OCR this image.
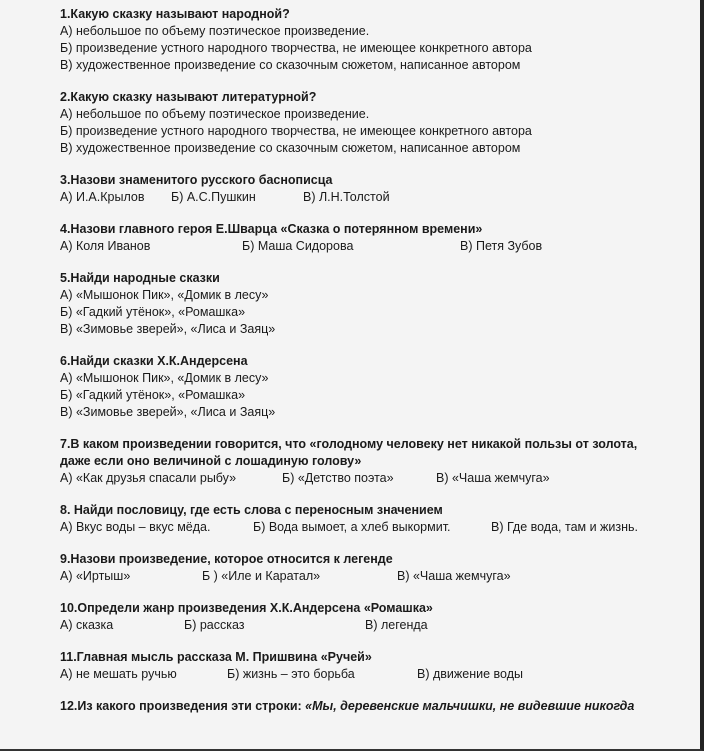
1.Какую сказку называют народной?
А) небольшое по объему поэтическое произведение.
Б) произведение устного народного творчества, не имеющее конкретного автора
В) художественное произведение со сказочным сюжетом, написанное автором
2.Какую сказку называют литературной?
А) небольшое по объему поэтическое произведение.
Б) произведение устного народного творчества, не имеющее конкретного автора
В) художественное произведение со сказочным сюжетом, написанное автором
3.Назови знаменитого русского баснописца
А) И.А.Крылов	Б) А.С.Пушкин	В) Л.Н.Толстой
4.Назови главного героя Е.Шварца «Сказка о потерянном времени»
А) Коля Иванов	Б) Маша Сидорова	В) Петя Зубов
5.Найди народные сказки
А) «Мышонок Пик», «Домик в лесу»
Б) «Гадкий утёнок», «Ромашка»
В) «Зимовье зверей», «Лиса и Заяц»
6.Найди сказки Х.К.Андерсена
А) «Мышонок Пик», «Домик в лесу»
Б) «Гадкий утёнок», «Ромашка»
В) «Зимовье зверей», «Лиса и Заяц»
7.В каком произведении говорится, что «голодному человеку нет никакой пользы от золота,
даже если оно величиной с лошадиную голову»
А) «Как друзья спасали рыбу»	Б) «Детство поэта»	В) «Чаша жемчуга»
8. Найди пословицу, где есть слова с переносным значением
А) Вкус воды – вкус мёда.	Б) Вода вымоет, а хлеб выкормит.	В) Где вода, там и жизнь.
9.Назови произведение, которое относится к легенде
А) «Иртыш»	Б ) «Иле и Каратал»	В) «Чаша жемчуга»
10.Определи жанр произведения Х.К.Андерсена «Ромашка»
А) сказка	Б) рассказ	В) легенда
11.Главная мысль рассказа М. Пришвина «Ручей»
А) не мешать ручью	Б) жизнь – это борьба	В) движение воды
12.Из какого произведения эти строки: «Мы, деревенские мальчишки, не видевшие никогда
